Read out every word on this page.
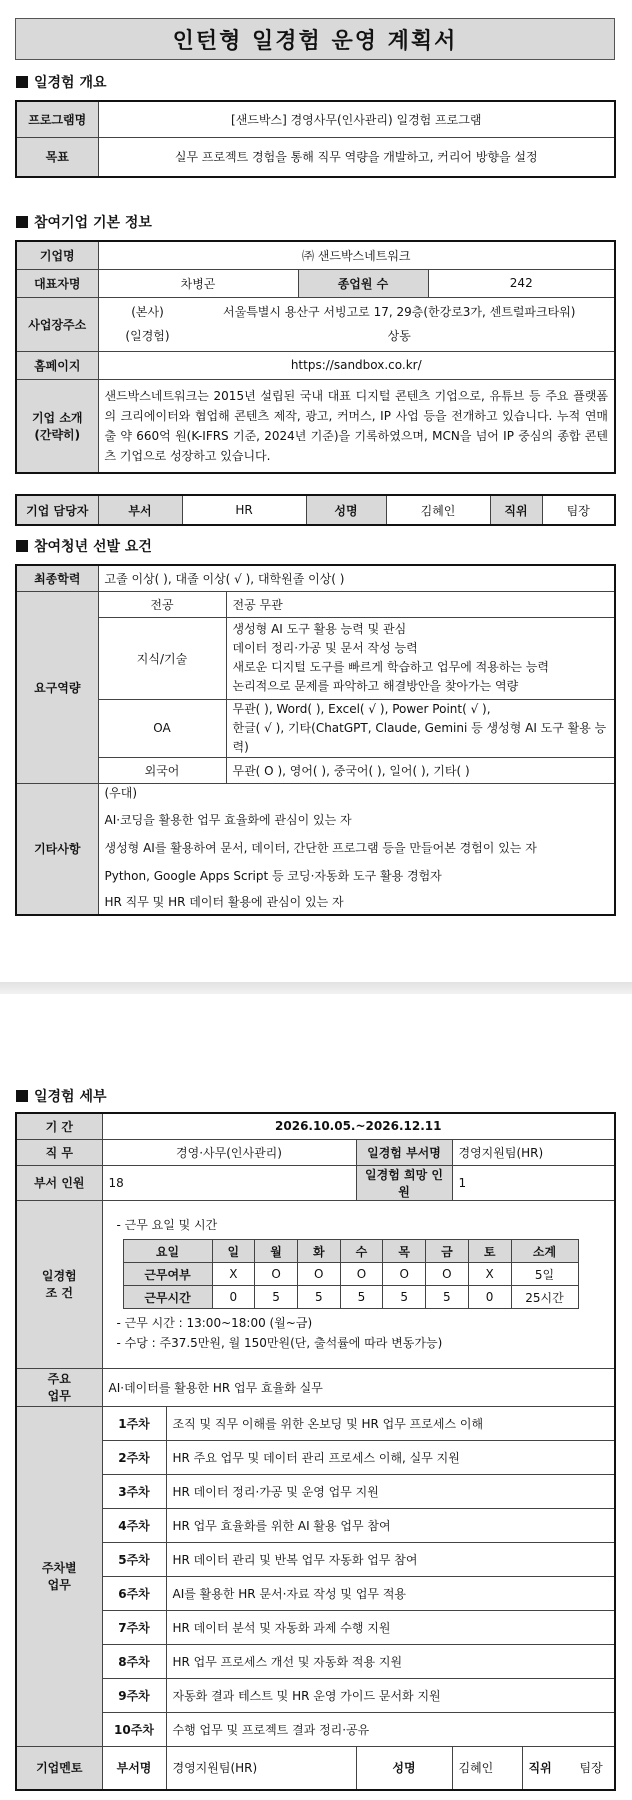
인턴형 일경험 운영 계획서
일경험 개요
프로그램명	[샌드박스] 경영사무(인사관리) 일경험 프로그램
목표	실무 프로젝트 경험을 통해 직무 역량을 개발하고, 커리어 방향을 설정
참여기업 기본 정보
기업명	㈜ 샌드박스네트워크		
대표자명	차병곤	종업원 수	242
사업장주소	(본사) 서울특별시 용산구 서빙고로 17, 29층(한강로3가, 센트럴파크타워)
(일경험) 상동		

홈페이지	https://sandbox.co.kr/		

기업 소개
(간략히)	샌드박스네트워크는 2015년 설립된 국내 대표 디지털 콘텐츠 기업으로, 유튜브 등 주요 플랫폼의 크리에이터와 협업해 콘텐츠 제작, 광고, 커머스, IP 사업 등을 전개하고 있습니다. 누적 연매출 약 660억 원(K-IFRS 기준, 2024년 기준)을 기록하였으며, MCN을 넘어 IP 중심의 종합 콘텐츠 기업으로 성장하고 있습니다.		
기업 담당자	부서	HR	성명	김혜인	직위	팀장
참여청년 선발 요건
최종학력	고졸 이상( ), 대졸 이상( √ ), 대학원졸 이상( )	
요구역량	전공	전공 무관
	지식/기술	생성형 AI 도구 활용 능력 및 관심
데이터 정리·가공 및 문서 작성 능력
새로운 디지털 도구를 빠르게 학습하고 업무에 적용하는 능력
논리적으로 문제를 파악하고 해결방안을 찾아가는 역량

	OA	무관( ), Word( ), Excel( √ ), Power Point( √ ),
한글( √ ), 기타(ChatGPT, Claude, Gemini 등 생성형 AI 도구 활용 능력)

	외국어	무관( O ), 영어( ), 중국어( ), 일어( ), 기타( )
기타사항	(우대)
AI·코딩을 활용한 업무 효율화에 관심이 있는 자
생성형 AI를 활용하여 문서, 데이터, 간단한 프로그램 등을 만들어본 경험이 있는 자
Python, Google Apps Script 등 코딩·자동화 도구 활용 경험자
HR 직무 및 HR 데이터 활용에 관심이 있는 자	
일경험 세부
기 간	2026.10.05.~2026.12.11
직 무	경영·사무(인사관리)	일경험 부서명	경영지원팀(HR)
부서 인원	18	일경험 희망 인원	1

일경험
조 건

- 근무 요일 및 시간
요일	일	월	화	수	목	금	토	소계
근무여부	X	O	O	O	O	O	X	5일
근무시간	0	5	5	5	5	5	0	25시간
- 근무 시간 : 13:00~18:00 (월~금)
- 수당 : 주37.5만원, 월 150만원(단, 출석률에 따라 변동가능)

주요
업무
	AI·데이터를 활용한 HR 업무 효율화 실무

주차별
업무
	1주차	조직 및 직무 이해를 위한 온보딩 및 HR 업무 프로세스 이해
2주차	HR 주요 업무 및 데이터 관리 프로세스 이해, 실무 지원
3주차	HR 데이터 정리·가공 및 운영 업무 지원
4주차	HR 업무 효율화를 위한 AI 활용 업무 참여
5주차	HR 데이터 관리 및 반복 업무 자동화 업무 참여
6주차	AI를 활용한 HR 문서·자료 작성 및 업무 적용
7주차	HR 데이터 분석 및 자동화 과제 수행 지원
8주차	HR 업무 프로세스 개선 및 자동화 적용 지원
9주차	자동화 결과 테스트 및 HR 운영 가이드 문서화 지원
10주차	수행 업무 및 프로젝트 결과 정리·공유
기업멘토	부서명	경영지원팀(HR)	성명	김혜인	직위 팀장
